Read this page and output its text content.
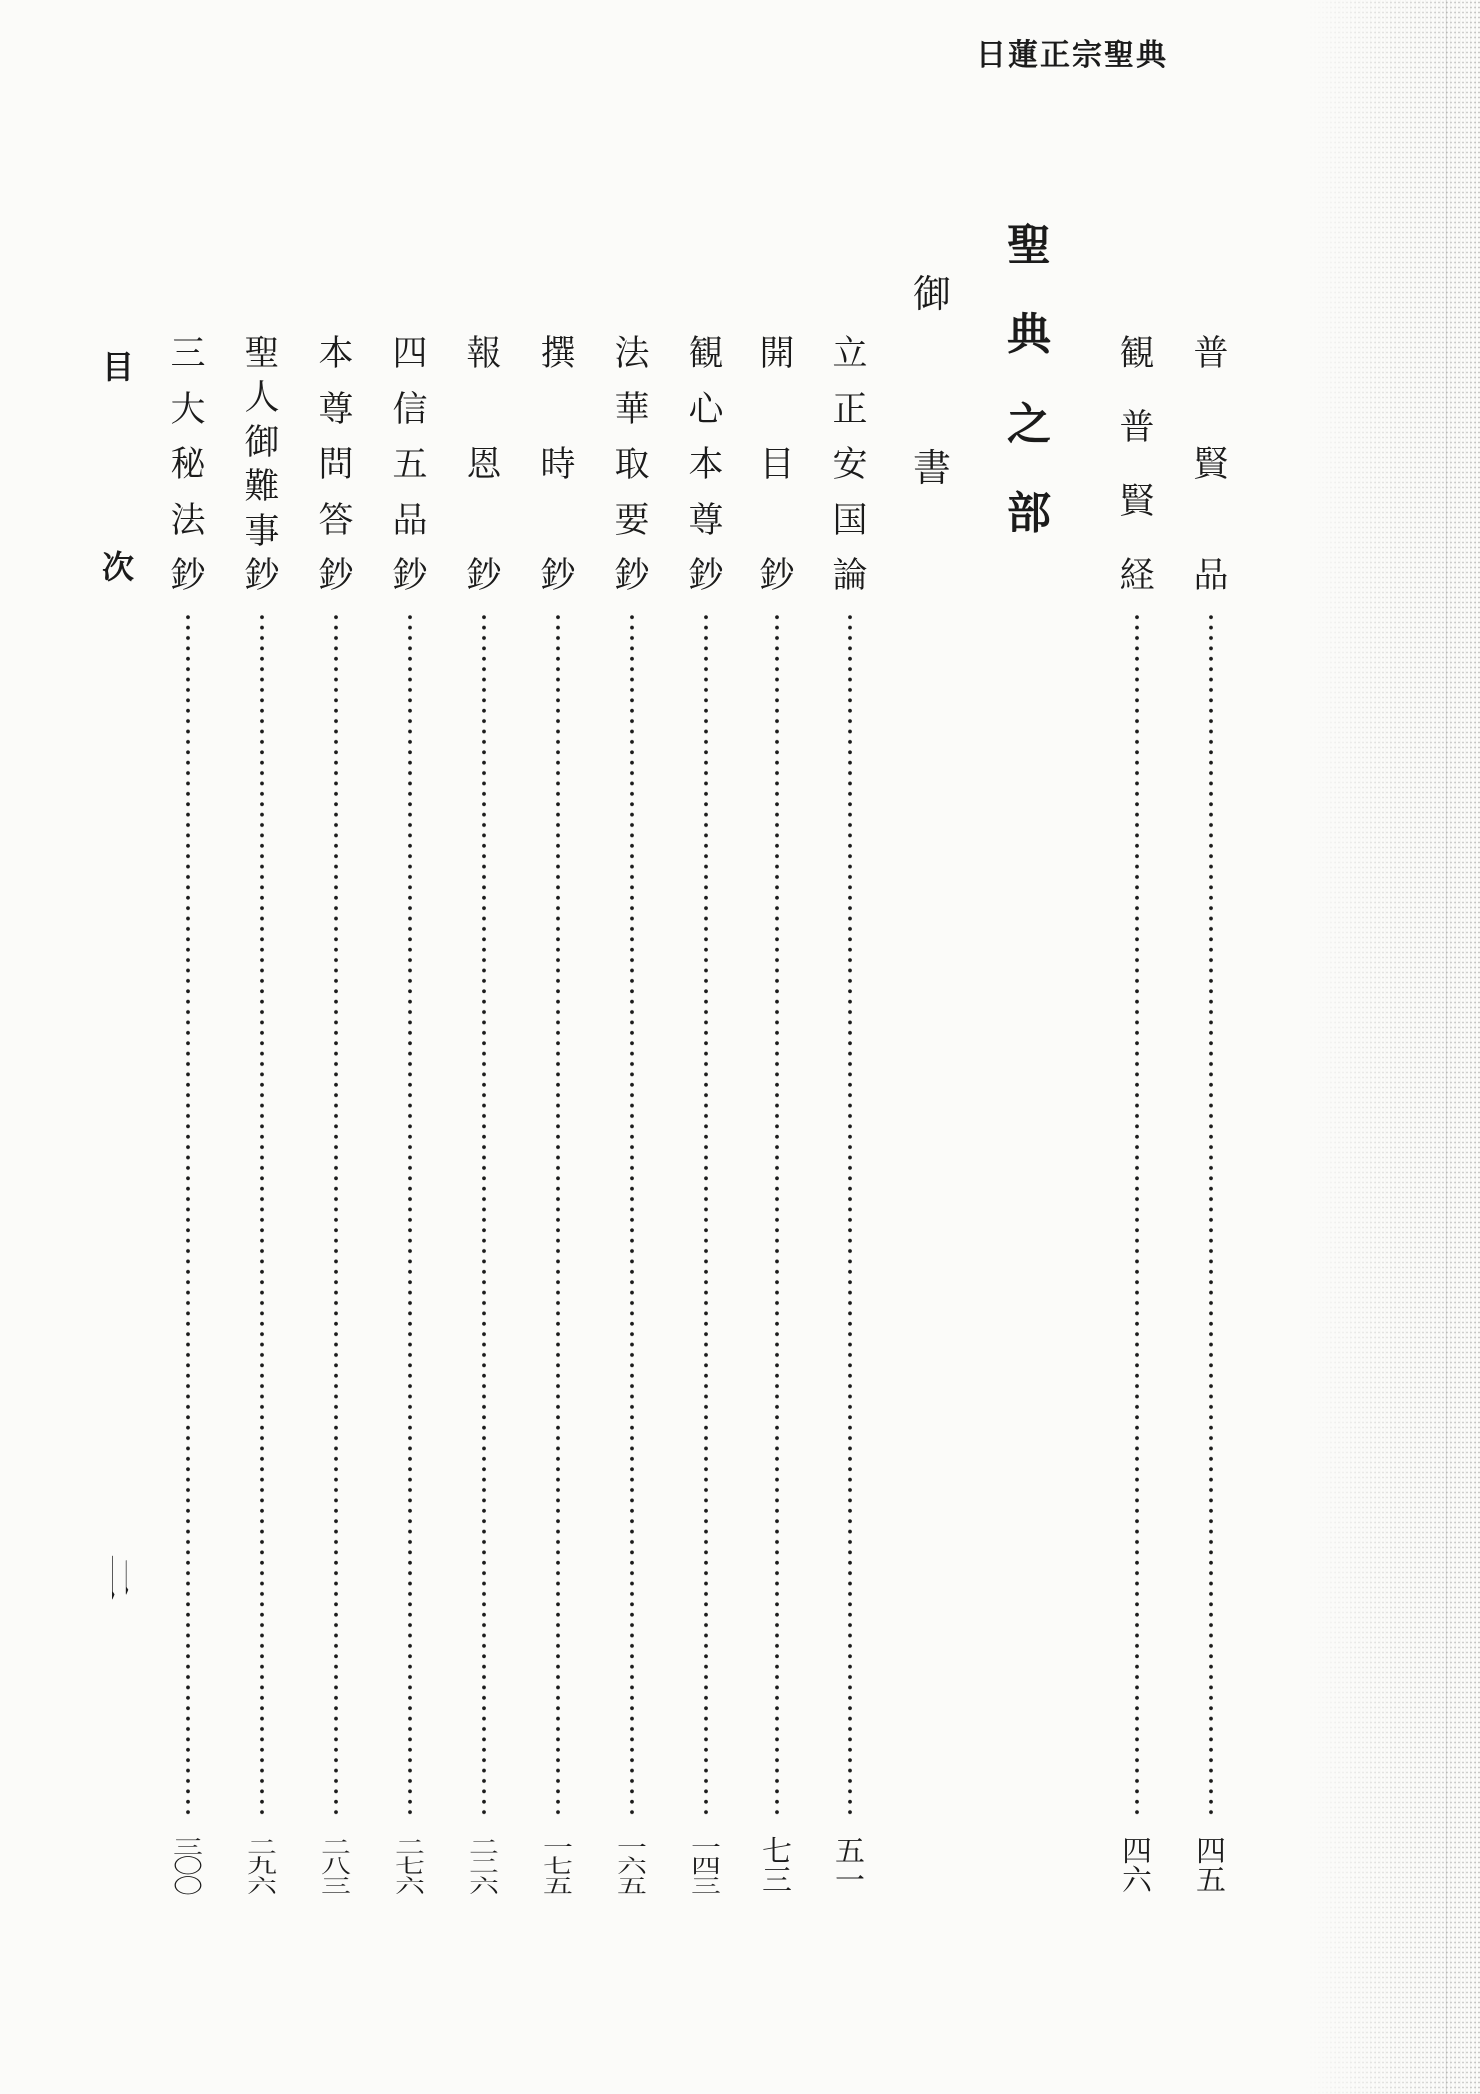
日蓮正宗聖典
普
賢
品
四
五
観
普
賢
経
四
六
聖
典
之
部
御
書
立
正
安
国
論
五
一
開
目
鈔
七
三
観
心
本
尊
鈔
一
四
三
法
華
取
要
鈔
一
六
五
撰
時
鈔
一
七
五
報
恩
鈔
二
二
六
四
信
五
品
鈔
二
七
六
本
尊
問
答
鈔
二
八
三
聖
人
御
難
事
鈔
二
九
六
三
大
秘
法
鈔
三
〇
〇
目
次
二
